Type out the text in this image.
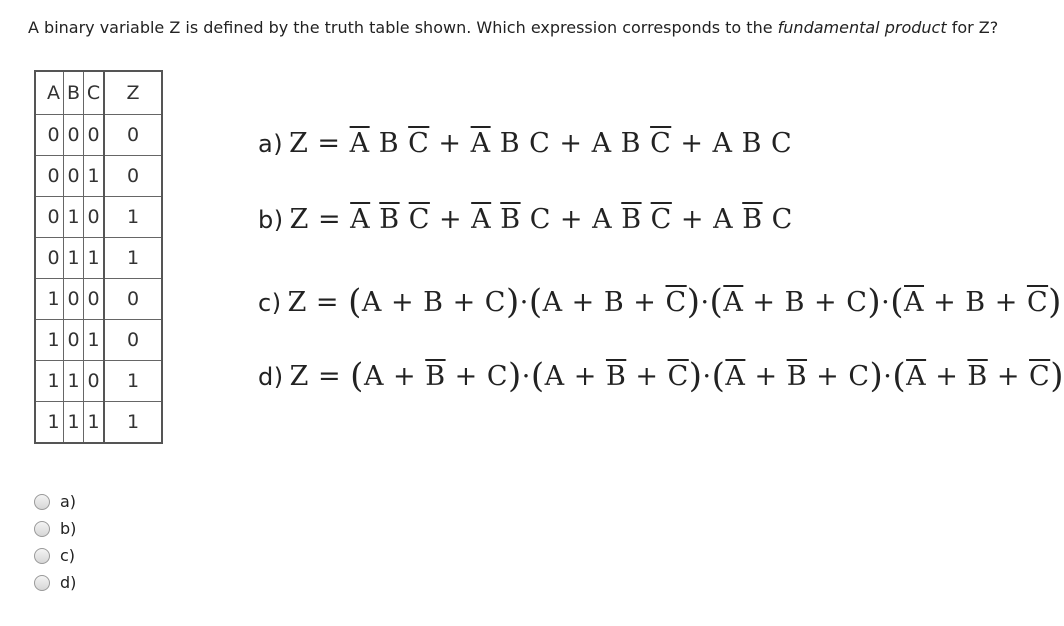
A binary variable Z is defined by the truth table shown. Which expression corresponds to the fundamental product for Z?
A	B	C	Z
0	0	0	0
0	0	1	0
0	1	0	1
0	1	1	1
1	0	0	0
1	0	1	0
1	1	0	1
1	1	1	1
a) $Z = \overline{A}$ B $\overline{C} + \overline{A}$ B C + A B $\overline{C} + A$ B C
b) $Z = \overline{A}$ $\overline{B}$ $\overline{C} + \overline{A}$ $\overline{B}$ C + A $\overline{B}$ $\overline{C} + A$ $\overline{B}$ C
c) $Z = (A + B + C)\cdot(A + B + \overline{C})\cdot(\overline{A} + B + C)\cdot(\overline{A} + B + \overline{C})$
d) $Z = (A + \overline{B} + C)\cdot(A + \overline{B} + \overline{C})\cdot(\overline{A} + \overline{B} + C)\cdot(\overline{A} + \overline{B} + \overline{C})$
a)
b)
c)
d)
